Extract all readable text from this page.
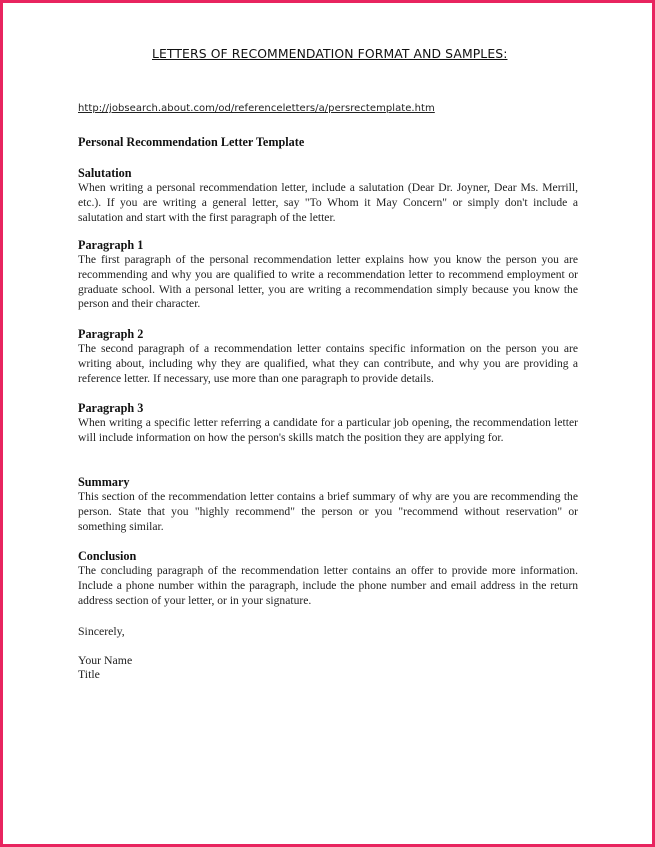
LETTERS OF RECOMMENDATION FORMAT AND SAMPLES:
http://jobsearch.about.com/od/referenceletters/a/persrectemplate.htm
Personal Recommendation Letter Template
Salutation

When writing a personal recommendation letter, include a salutation (Dear Dr. Joyner, Dear Ms. Merrill, etc.). If you are writing a general letter, say "To Whom it May Concern" or simply don't include a salutation and start with the first paragraph of the letter.

Paragraph 1

The first paragraph of the personal recommendation letter explains how you know the person you are recommending and why you are qualified to write a recommendation letter to recommend employment or graduate school. With a personal letter, you are writing a recommendation simply because you know the person and their character.

Paragraph 2

The second paragraph of a recommendation letter contains specific information on the person you are writing about, including why they are qualified, what they can contribute, and why you are providing a reference letter. If necessary, use more than one paragraph to provide details.

Paragraph 3

When writing a specific letter referring a candidate for a particular job opening, the recommendation letter will include information on how the person's skills match the position they are applying for.

Summary

This section of the recommendation letter contains a brief summary of why are you are recommending the person. State that you "highly recommend" the person or you "recommend without reservation" or something similar.

Conclusion

The concluding paragraph of the recommendation letter contains an offer to provide more information. Include a phone number within the paragraph, include the phone number and email address in the return address section of your letter, or in your signature.

Sincerely,
Your Name
Title
